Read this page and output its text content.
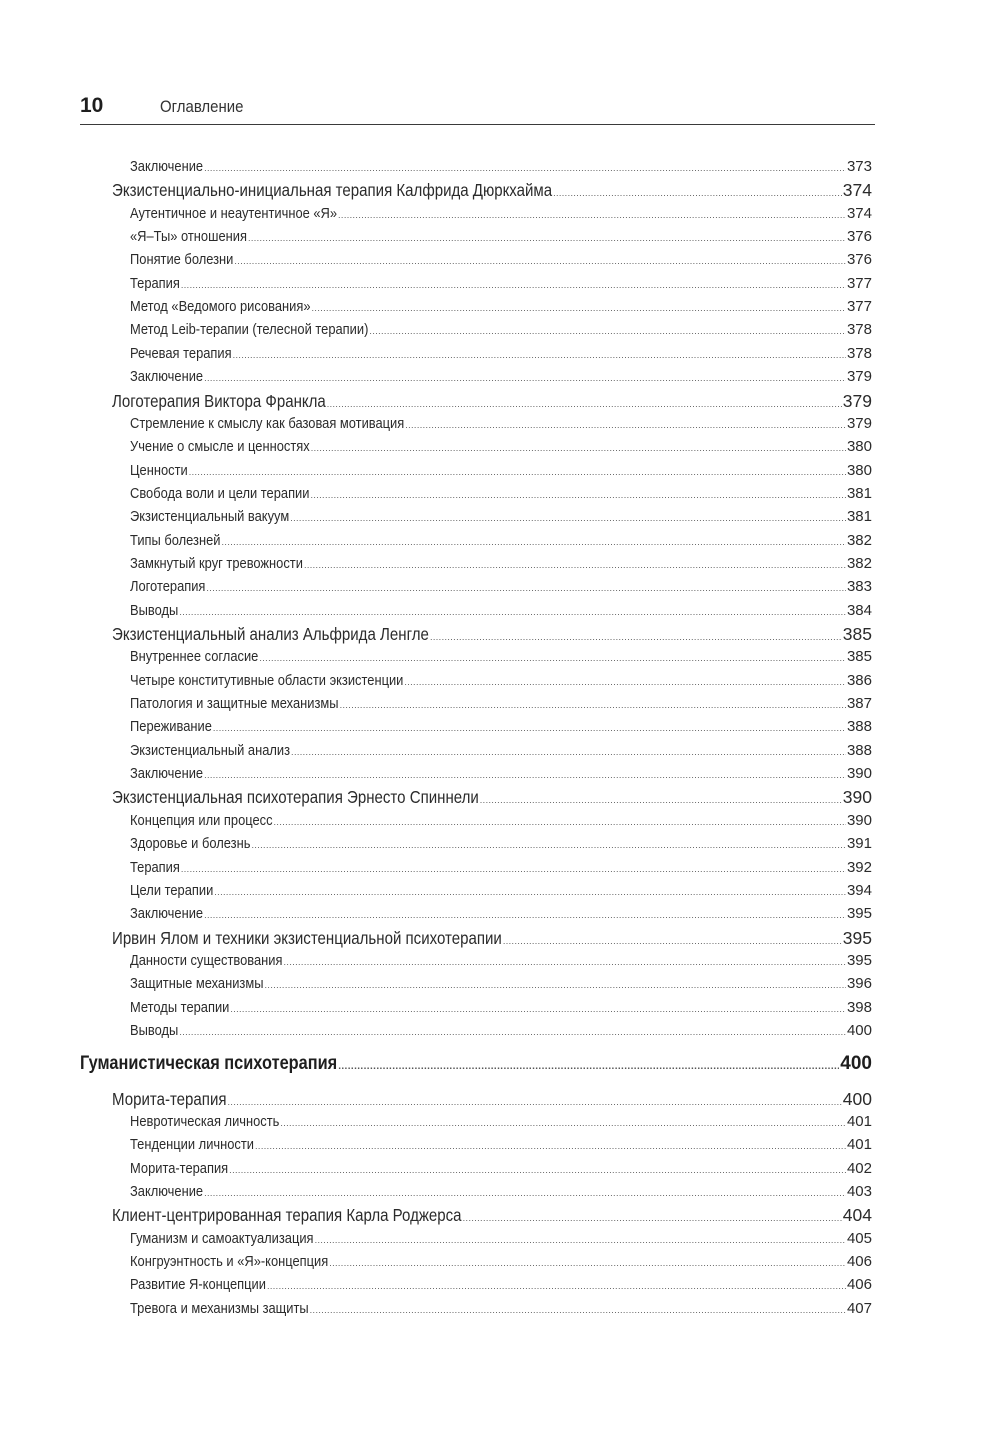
10	Оглавление
Заключение .....	373
Экзистенциально-инициальная терапия Калфрида Дюркхайма .....	374
Аутентичное и неаутентичное «Я» .....	374
«Я–Ты» отношения .....	376
Понятие болезни .....	376
Терапия .....	377
Метод «Ведомого рисования» .....	377
Метод Leib-терапии (телесной терапии) .....	378
Речевая терапия .....	378
Заключение .....	379
Логотерапия Виктора Франкла .....	379
Стремление к смыслу как базовая мотивация .....	379
Учение о смысле и ценностях .....	380
Ценности .....	380
Свобода воли и цели терапии .....	381
Экзистенциальный вакуум .....	381
Типы болезней .....	382
Замкнутый круг тревожности .....	382
Логотерапия .....	383
Выводы .....	384
Экзистенциальный анализ Альфрида Ленгле .....	385
Внутреннее согласие .....	385
Четыре конститутивные области экзистенции .....	386
Патология и защитные механизмы .....	387
Переживание .....	388
Экзистенциальный анализ .....	388
Заключение .....	390
Экзистенциальная психотерапия Эрнесто Спиннели .....	390
Концепция или процесс .....	390
Здоровье и болезнь .....	391
Терапия .....	392
Цели терапии .....	394
Заключение .....	395
Ирвин Ялом и техники экзистенциальной психотерапии .....	395
Данности существования .....	395
Защитные механизмы .....	396
Методы терапии .....	398
Выводы .....	400
Гуманистическая психотерапия .....	400
Морита-терапия .....	400
Невротическая личность .....	401
Тенденции личности .....	401
Морита-терапия .....	402
Заключение .....	403
Клиент-центрированная терапия Карла Роджерса .....	404
Гуманизм и самоактуализация .....	405
Конгруэнтность и «Я»-концепция .....	406
Развитие Я-концепции .....	406
Тревога и механизмы защиты .....	407
